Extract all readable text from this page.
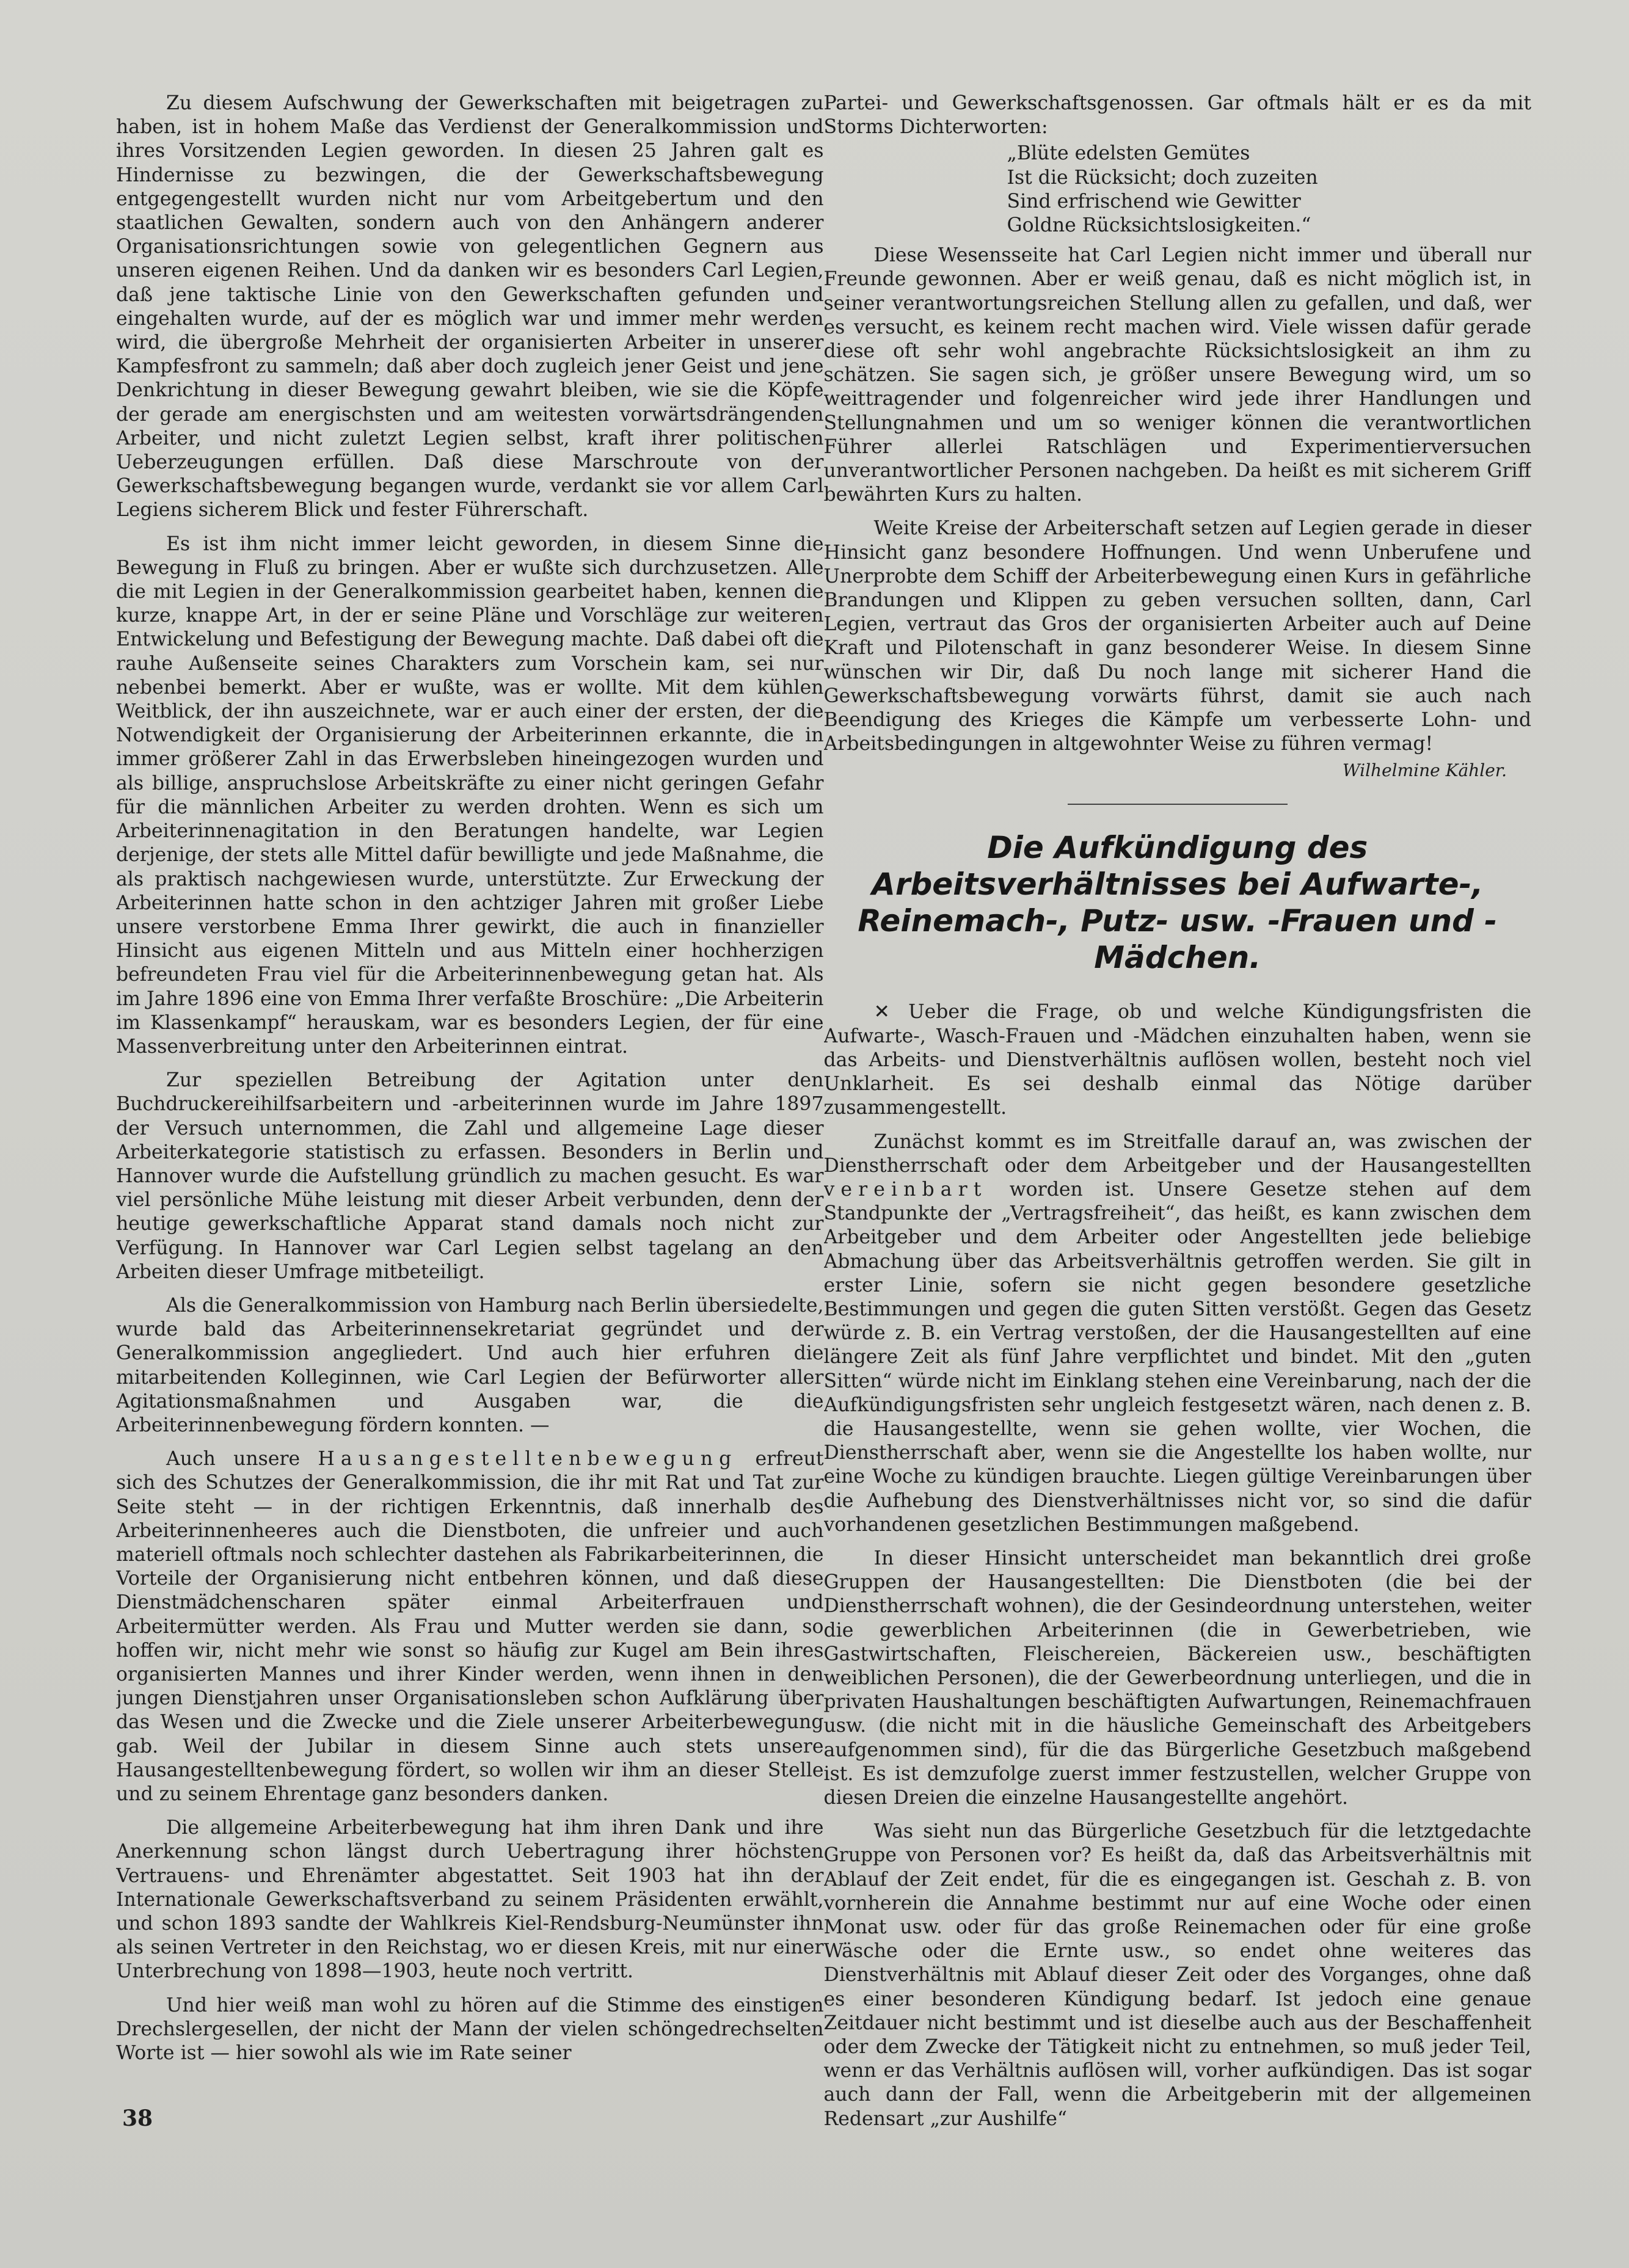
Zu diesem Aufschwung der Gewerkschaften mit beigetragen zu haben, ist in hohem Maße das Verdienst der Generalkommission und ihres Vorsitzenden Legien geworden. In diesen 25 Jahren galt es Hindernisse zu bezwingen, die der Gewerkschaftsbewegung entgegengestellt wurden nicht nur vom Arbeitgebertum und den staatlichen Gewalten, sondern auch von den Anhängern anderer Organisationsrichtungen sowie von gelegentlichen Gegnern aus unseren eigenen Reihen. Und da danken wir es besonders Carl Legien, daß jene taktische Linie von den Gewerkschaften gefunden und eingehalten wurde, auf der es möglich war und immer mehr werden wird, die übergroße Mehrheit der organisierten Arbeiter in unserer Kampfesfront zu sammeln; daß aber doch zugleich jener Geist und jene Denkrichtung in dieser Bewegung gewahrt bleiben, wie sie die Köpfe der gerade am energischsten und am weitesten vorwärtsdrängenden Arbeiter, und nicht zuletzt Legien selbst, kraft ihrer politischen Ueberzeugungen erfüllen. Daß diese Marschroute von der Gewerkschaftsbewegung begangen wurde, verdankt sie vor allem Carl Legiens sicherem Blick und fester Führerschaft.

Es ist ihm nicht immer leicht geworden, in diesem Sinne die Bewegung in Fluß zu bringen. Aber er wußte sich durchzusetzen. Alle die mit Legien in der Generalkommission gearbeitet haben, kennen die kurze, knappe Art, in der er seine Pläne und Vorschläge zur weiteren Entwickelung und Befestigung der Bewegung machte. Daß dabei oft die rauhe Außenseite seines Charakters zum Vorschein kam, sei nur nebenbei bemerkt. Aber er wußte, was er wollte. Mit dem kühlen Weitblick, der ihn auszeichnete, war er auch einer der ersten, der die Notwendigkeit der Organisierung der Arbeiterinnen erkannte, die in immer größerer Zahl in das Erwerbsleben hineingezogen wurden und als billige, anspruchslose Arbeitskräfte zu einer nicht geringen Gefahr für die männlichen Arbeiter zu werden drohten. Wenn es sich um Arbeiterinnenagitation in den Beratungen handelte, war Legien derjenige, der stets alle Mittel dafür bewilligte und jede Maßnahme, die als praktisch nachgewiesen wurde, unterstützte. Zur Erweckung der Arbeiterinnen hatte schon in den achtziger Jahren mit großer Liebe unsere verstorbene Emma Ihrer gewirkt, die auch in finanzieller Hinsicht aus eigenen Mitteln und aus Mitteln einer hochherzigen befreundeten Frau viel für die Arbeiterinnenbewegung getan hat. Als im Jahre 1896 eine von Emma Ihrer verfaßte Broschüre: „Die Arbeiterin im Klassenkampf“ herauskam, war es besonders Legien, der für eine Massenverbreitung unter den Arbeiterinnen eintrat.

Zur speziellen Betreibung der Agitation unter den Buchdruckereihilfsarbeitern und -arbeiterinnen wurde im Jahre 1897 der Versuch unternommen, die Zahl und allgemeine Lage dieser Arbeiterkategorie statistisch zu erfassen. Besonders in Berlin und Hannover wurde die Aufstellung gründlich zu machen gesucht. Es war viel persönliche Mühe leistung mit dieser Arbeit verbunden, denn der heutige gewerkschaftliche Apparat stand damals noch nicht zur Verfügung. In Hannover war Carl Legien selbst tagelang an den Arbeiten dieser Umfrage mitbeteiligt.

Als die Generalkommission von Hamburg nach Berlin übersiedelte, wurde bald das Arbeiterinnensekretariat gegründet und der Generalkommission angegliedert. Und auch hier erfuhren die mitarbeitenden Kolleginnen, wie Carl Legien der Befürworter aller Agitationsmaßnahmen und Ausgaben war, die die Arbeiterinnenbewegung fördern konnten. —

Auch unsere Hausangestelltenbewegung erfreut sich des Schutzes der Generalkommission, die ihr mit Rat und Tat zur Seite steht — in der richtigen Erkenntnis, daß innerhalb des Arbeiterinnenheeres auch die Dienstboten, die unfreier und auch materiell oftmals noch schlechter dastehen als Fabrikarbeiterinnen, die Vorteile der Organisierung nicht entbehren können, und daß diese Dienstmädchenscharen später einmal Arbeiterfrauen und Arbeitermütter werden. Als Frau und Mutter werden sie dann, so hoffen wir, nicht mehr wie sonst so häufig zur Kugel am Bein ihres organisierten Mannes und ihrer Kinder werden, wenn ihnen in den jungen Dienstjahren unser Organisationsleben schon Aufklärung über das Wesen und die Zwecke und die Ziele unserer Arbeiterbewegung gab. Weil der Jubilar in diesem Sinne auch stets unsere Hausangestelltenbewegung fördert, so wollen wir ihm an dieser Stelle und zu seinem Ehrentage ganz besonders danken.

Die allgemeine Arbeiterbewegung hat ihm ihren Dank und ihre Anerkennung schon längst durch Uebertragung ihrer höchsten Vertrauens- und Ehrenämter abgestattet. Seit 1903 hat ihn der Internationale Gewerkschaftsverband zu seinem Präsidenten erwählt, und schon 1893 sandte der Wahlkreis Kiel-Rendsburg-Neumünster ihn als seinen Vertreter in den Reichstag, wo er diesen Kreis, mit nur einer Unterbrechung von 1898—1903, heute noch vertritt.

Und hier weiß man wohl zu hören auf die Stimme des einstigen Drechslergesellen, der nicht der Mann der vielen schöngedrechselten Worte ist — hier sowohl als wie im Rate seiner

Partei- und Gewerkschaftsgenossen. Gar oftmals hält er es da mit Storms Dichterworten:

„Blüte edelsten Gemütes
Ist die Rücksicht; doch zuzeiten
Sind erfrischend wie Gewitter
Goldne Rücksichtslosigkeiten.“

Diese Wesensseite hat Carl Legien nicht immer und überall nur Freunde gewonnen. Aber er weiß genau, daß es nicht möglich ist, in seiner verantwortungsreichen Stellung allen zu gefallen, und daß, wer es versucht, es keinem recht machen wird. Viele wissen dafür gerade diese oft sehr wohl angebrachte Rücksichtslosigkeit an ihm zu schätzen. Sie sagen sich, je größer unsere Bewegung wird, um so weittragender und folgenreicher wird jede ihrer Handlungen und Stellungnahmen und um so weniger können die verantwortlichen Führer allerlei Ratschlägen und Experimentierversuchen unverantwortlicher Personen nachgeben. Da heißt es mit sicherem Griff bewährten Kurs zu halten.

Weite Kreise der Arbeiterschaft setzen auf Legien gerade in dieser Hinsicht ganz besondere Hoffnungen. Und wenn Unberufene und Unerprobte dem Schiff der Arbeiterbewegung einen Kurs in gefährliche Brandungen und Klippen zu geben versuchen sollten, dann, Carl Legien, vertraut das Gros der organisierten Arbeiter auch auf Deine Kraft und Pilotenschaft in ganz besonderer Weise. In diesem Sinne wünschen wir Dir, daß Du noch lange mit sicherer Hand die Gewerkschaftsbewegung vorwärts führst, damit sie auch nach Beendigung des Krieges die Kämpfe um verbesserte Lohn- und Arbeitsbedingungen in altgewohnter Weise zu führen vermag!

Wilhelmine Kähler.
Die Aufkündigung des Arbeitsverhältnisses bei Aufwarte-, Reinemach-, Putz- usw. -Frauen und -Mädchen.

✕ Ueber die Frage, ob und welche Kündigungsfristen die Aufwarte-, Wasch-Frauen und -Mädchen einzuhalten haben, wenn sie das Arbeits- und Dienstverhältnis auflösen wollen, besteht noch viel Unklarheit. Es sei deshalb einmal das Nötige darüber zusammengestellt.

Zunächst kommt es im Streitfalle darauf an, was zwischen der Dienstherrschaft oder dem Arbeitgeber und der Hausangestellten vereinbart worden ist. Unsere Gesetze stehen auf dem Standpunkte der „Vertragsfreiheit“, das heißt, es kann zwischen dem Arbeitgeber und dem Arbeiter oder Angestellten jede beliebige Abmachung über das Arbeitsverhältnis getroffen werden. Sie gilt in erster Linie, sofern sie nicht gegen besondere gesetzliche Bestimmungen und gegen die guten Sitten verstößt. Gegen das Gesetz würde z. B. ein Vertrag verstoßen, der die Hausangestellten auf eine längere Zeit als fünf Jahre verpflichtet und bindet. Mit den „guten Sitten“ würde nicht im Einklang stehen eine Vereinbarung, nach der die Aufkündigungsfristen sehr ungleich festgesetzt wären, nach denen z. B. die Hausangestellte, wenn sie gehen wollte, vier Wochen, die Dienstherrschaft aber, wenn sie die Angestellte los haben wollte, nur eine Woche zu kündigen brauchte. Liegen gültige Vereinbarungen über die Aufhebung des Dienstverhältnisses nicht vor, so sind die dafür vorhandenen gesetzlichen Bestimmungen maßgebend.

In dieser Hinsicht unterscheidet man bekanntlich drei große Gruppen der Hausangestellten: Die Dienstboten (die bei der Dienstherrschaft wohnen), die der Gesindeordnung unterstehen, weiter die gewerblichen Arbeiterinnen (die in Gewerbetrieben, wie Gastwirtschaften, Fleischereien, Bäckereien usw., beschäftigten weiblichen Personen), die der Gewerbeordnung unterliegen, und die in privaten Haushaltungen beschäftigten Aufwartungen, Reinemachfrauen usw. (die nicht mit in die häusliche Gemeinschaft des Arbeitgebers aufgenommen sind), für die das Bürgerliche Gesetzbuch maßgebend ist. Es ist demzufolge zuerst immer festzustellen, welcher Gruppe von diesen Dreien die einzelne Hausangestellte angehört.

Was sieht nun das Bürgerliche Gesetzbuch für die letztgedachte Gruppe von Personen vor? Es heißt da, daß das Arbeitsverhältnis mit Ablauf der Zeit endet, für die es eingegangen ist. Geschah z. B. von vornherein die Annahme bestimmt nur auf eine Woche oder einen Monat usw. oder für das große Reinemachen oder für eine große Wäsche oder die Ernte usw., so endet ohne weiteres das Dienstverhältnis mit Ablauf dieser Zeit oder des Vorganges, ohne daß es einer besonderen Kündigung bedarf. Ist jedoch eine genaue Zeitdauer nicht bestimmt und ist dieselbe auch aus der Beschaffenheit oder dem Zwecke der Tätigkeit nicht zu entnehmen, so muß jeder Teil, wenn er das Verhältnis auflösen will, vorher aufkündigen. Das ist sogar auch dann der Fall, wenn die Arbeitgeberin mit der allgemeinen Redensart „zur Aushilfe“

38
